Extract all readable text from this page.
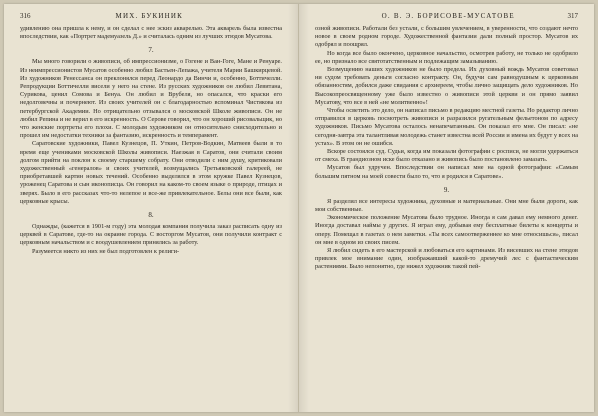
316	МИХ. БУКИНИК

удивлению она пришла к нему, и он сделал с нее эскиз акварелью. Эта акварель была известна впоследствии, как «Портрет мадемуазель Д.» и считалась одним из лучших этюдов Мусатова.

7.

Мы много говорили о живописи, об импрессионизме, о Гогене и Ван-Гоге, Мане и Ренуаре. Из неимпрессионистов Мусатов особенно любил Бастьен-Лепажа, учителя Марии Башкирцевой. Из художников Ренессанса он преклонялся перед Леонардо да Винчи и, особенно, Боттичелли. Репродукции Боттичелли висели у него на стене. Из русских художников он любил Левитана, Сурикова, ценил Сомова и Бенуа. Он любил и Врубеля, но опасался, что краски его недолговечны и почернеют. Из своих учителей он с благодарностью вспоминал Чистякова из петербургской Академии. Но отрицательно отзывался о московской Школе живописи. Он не любил Репина и не верил в его искренность. О Серове говорил, что он хороший рисовальщик, но что женские портреты его плохи. С молодым художником он относительно снисходительно и прошел им недостатки техники за фантазию, искренность и темперамент.

Саратовские художники, Павел Кузнецов, П. Уткин, Петров-Водкин, Матвеев были в то время еще учениками московской Школы живописи. Наезжая в Саратов, они считали своим долгом прийти на поклон к своему старшему собрату. Они отводили с ним душу, критиковали художественный «генералов» и своих учителей, возмущались Третьяковской галереей, не приобретавшей картин новых течений. Особенно выделялся в этом кружке Павел Кузнецов, уроженец Саратова и сын иконописца. Он говорил на каком-то своем языке о природе, птицах и зверях. Было в его рассказах что-то нелепое и все-же привлекательное. Белы они все были, как церковные крысы.

8.

Однажды, (кажется в 1901-м году) эта молодая компания получила заказ расписать одну из церквей в Саратове, где-то на окраине города. С восторгом Мусатов, они получили контракт с церковным начальством и с воодушевлением принялись за работу.

Разумеется никто из них не был подготовлен к религи-

О. В. Э. БОРИСОВЕ-МУСАТОВЕ	317

озной живописи. Работали без устали, с большим увлечением, в уверенности, что создают нечто новое в своем родном городе. Художественной фантазии дали полный простор. Мусатов их одобрял и поощрял.

Но когда все было окончено, церковное начальство, осмотрев работу, не только не одобрило ее, но признало все святотатственным и подлежащим замазыванию.

Возмущению наших художников не было предела. Их духовный вождь Мусатов советовал ни судом требовать деньги согласно контракту. Он, будучи сам равнодушным к церковным обязанностям, добился даже свидания с архиереем, чтобы лично защищать дело художников. Но Высокопреосвященному уже было известно о живописи этой церкви и он прямо заявил Мусатову, что все в ней «не молитвенно»!

Чтобы осветить это дело, он написал письмо в редакцию местной газеты. Но редактор лично отправился в церковь посмотреть живописи и разразился ругательным фельетоном по адресу художников. Письмо Мусатова осталось ненапечатанным. Он показал его мне. Он писал: «не сегодня-завтра эта талантливая молодежь станет известна всей России и имена их будут у всех на устах». В этом он не ошибся.

Вскоре состоялся суд. Судьи, когда им показали фотографии с росписи, не могли удержаться от смеха. В грандиозном иске было отказано и живопись было постановлено замазать.

Мусатов был удручен. Впоследствии он написал мне на одной фотографии: «Самым большим пятном на моей совести было то, что я родился в Саратове».

9.

Я разделял все интересы художника, духовные и материальные. Они мне были дороги, как мои собственные.

Экономическое положение Мусатова было трудное. Иногда я сам давал ему немного денег. Иногда доставал наймы у других. Я играл ему, добывая ему бесплатные билеты к концерты и оперу. Помещал в газетах о нем заметки. «Ты всех самоотверженнее ко мне относишься», писал он мне в одном из своих писем.

Я любил сидеть в его мастерской и любоваться его картинами. Из висевших на стене этюдов привлек мое внимание один, изображавший какой-то дремучий лес с фантастическим растениями. Было непонятно, где нижел художник такой пей-
